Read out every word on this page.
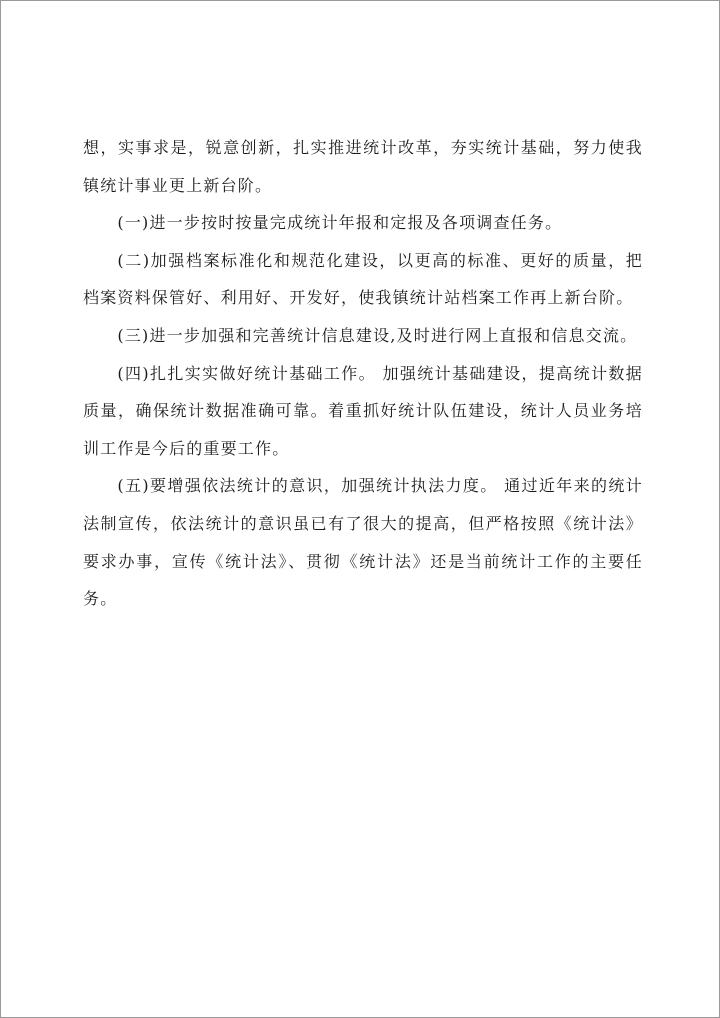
想，实事求是，锐意创新，扎实推进统计改革，夯实统计基础，努力使我镇统计事业更上新台阶。

(一)进一步按时按量完成统计年报和定报及各项调查任务。

(二)加强档案标准化和规范化建设，以更高的标准、更好的质量，把档案资料保管好、利用好、开发好，使我镇统计站档案工作再上新台阶。

(三)进一步加强和完善统计信息建设,及时进行网上直报和信息交流。

(四)扎扎实实做好统计基础工作。 加强统计基础建设，提高统计数据质量，确保统计数据准确可靠。着重抓好统计队伍建设，统计人员业务培训工作是今后的重要工作。

(五)要增强依法统计的意识，加强统计执法力度。 通过近年来的统计法制宣传，依法统计的意识虽已有了很大的提高，但严格按照《统计法》要求办事，宣传《统计法》、贯彻《统计法》还是当前统计工作的主要任务。
